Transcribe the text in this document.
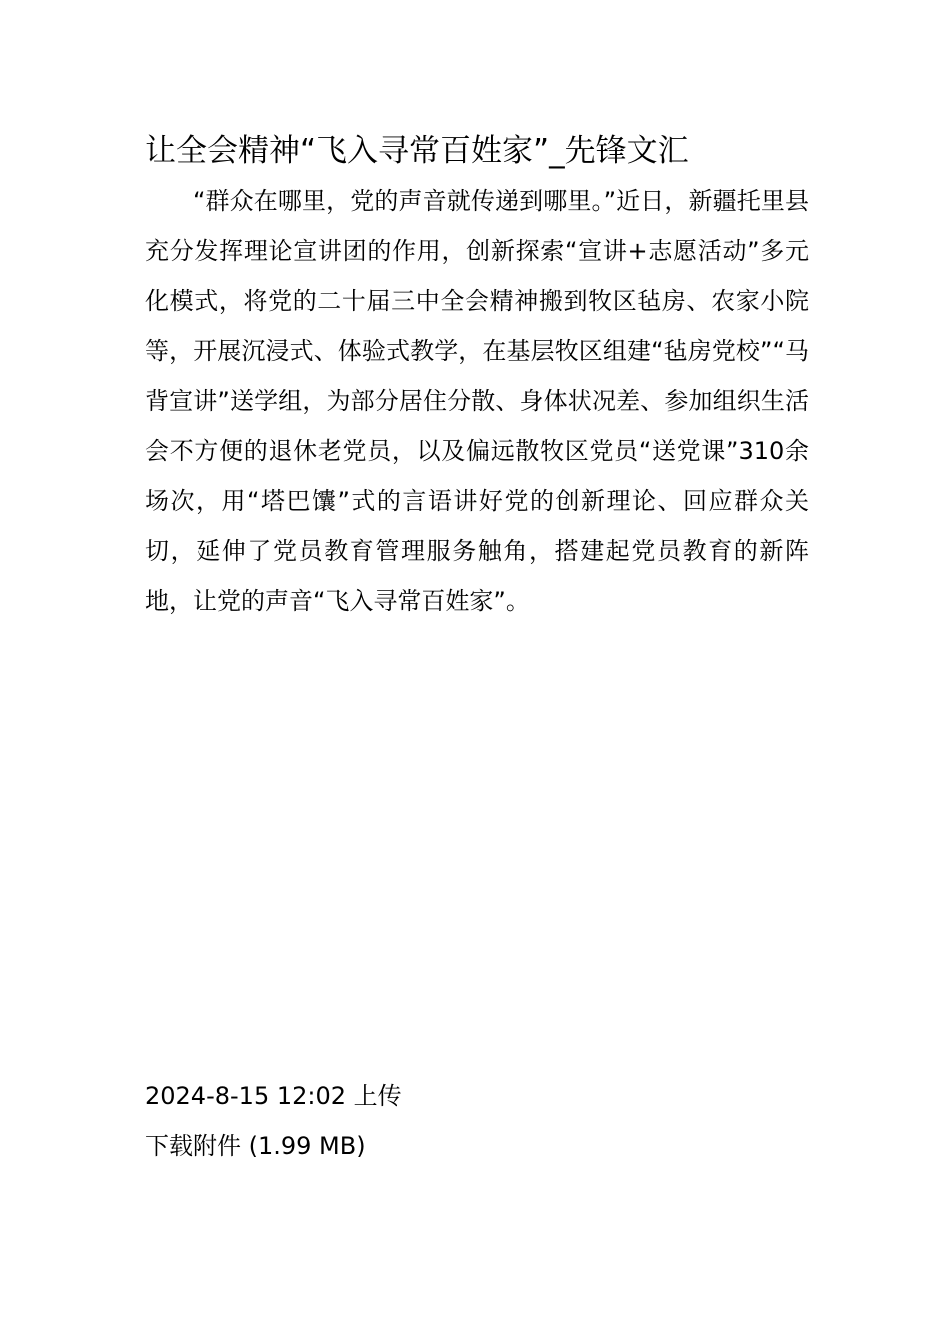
让全会精神“飞入寻常百姓家”_先锋文汇

“群众在哪里，党的声音就传递到哪里。”近日，新疆托里县充分发挥理论宣讲团的作用，创新探索“宣讲+志愿活动”多元化模式，将党的二十届三中全会精神搬到牧区毡房、农家小院等，开展沉浸式、体验式教学，在基层牧区组建“毡房党校”“马背宣讲”送学组，为部分居住分散、身体状况差、参加组织生活会不方便的退休老党员，以及偏远散牧区党员“送党课”310余场次，用“塔巴馕”式的言语讲好党的创新理论、回应群众关切，延伸了党员教育管理服务触角，搭建起党员教育的新阵地，让党的声音“飞入寻常百姓家”。

2024-8-15 12:02 上传
下载附件 (1.99 MB)
